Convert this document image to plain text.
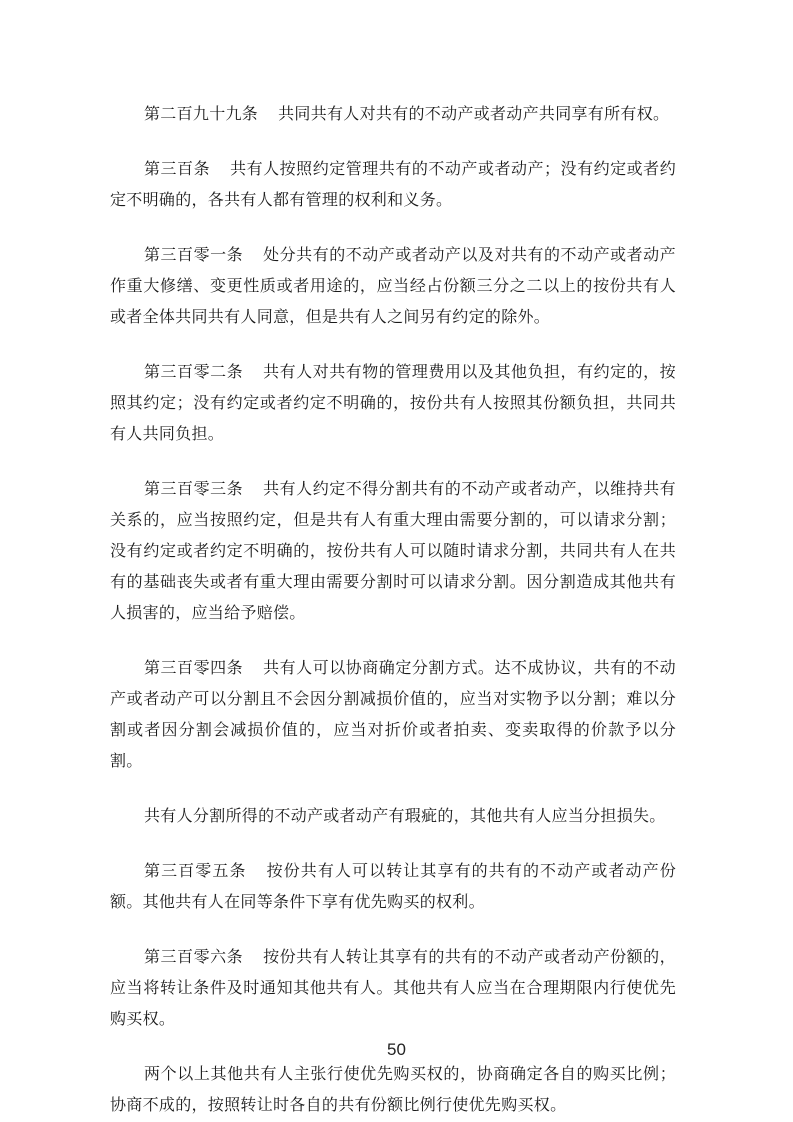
第二百九十九条 共同共有人对共有的不动产或者动产共同享有所有权。

第三百条 共有人按照约定管理共有的不动产或者动产；没有约定或者约定不明确的，各共有人都有管理的权利和义务。

第三百零一条 处分共有的不动产或者动产以及对共有的不动产或者动产作重大修缮、变更性质或者用途的，应当经占份额三分之二以上的按份共有人或者全体共同共有人同意，但是共有人之间另有约定的除外。

第三百零二条 共有人对共有物的管理费用以及其他负担，有约定的，按照其约定；没有约定或者约定不明确的，按份共有人按照其份额负担，共同共有人共同负担。

第三百零三条 共有人约定不得分割共有的不动产或者动产，以维持共有关系的，应当按照约定，但是共有人有重大理由需要分割的，可以请求分割；没有约定或者约定不明确的，按份共有人可以随时请求分割，共同共有人在共有的基础丧失或者有重大理由需要分割时可以请求分割。因分割造成其他共有人损害的，应当给予赔偿。

第三百零四条 共有人可以协商确定分割方式。达不成协议，共有的不动产或者动产可以分割且不会因分割减损价值的，应当对实物予以分割；难以分割或者因分割会减损价值的，应当对折价或者拍卖、变卖取得的价款予以分割。

共有人分割所得的不动产或者动产有瑕疵的，其他共有人应当分担损失。

第三百零五条 按份共有人可以转让其享有的共有的不动产或者动产份额。其他共有人在同等条件下享有优先购买的权利。

第三百零六条 按份共有人转让其享有的共有的不动产或者动产份额的，应当将转让条件及时通知其他共有人。其他共有人应当在合理期限内行使优先购买权。

两个以上其他共有人主张行使优先购买权的，协商确定各自的购买比例；协商不成的，按照转让时各自的共有份额比例行使优先购买权。

50
